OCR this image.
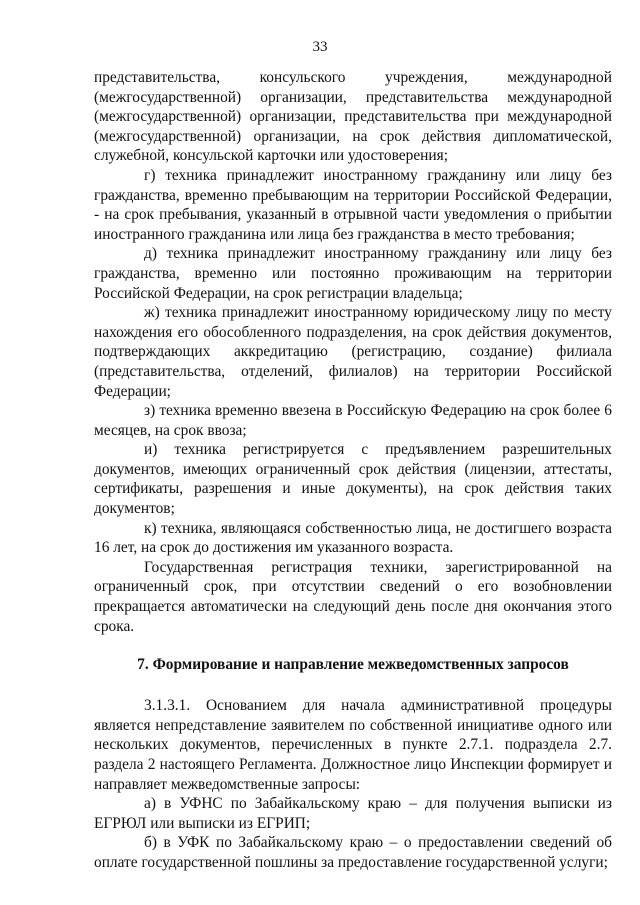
33

представительства, консульского учреждения, международной (межгосударственной) организации, представительства международной (межгосударственной) организации, представительства при международной (межгосударственной) организации, на срок действия дипломатической, служебной, консульской карточки или удостоверения;

г) техника принадлежит иностранному гражданину или лицу без гражданства, временно пребывающим на территории Российской Федерации, - на срок пребывания, указанный в отрывной части уведомления о прибытии иностранного гражданина или лица без гражданства в место требования;

д) техника принадлежит иностранному гражданину или лицу без гражданства, временно или постоянно проживающим на территории Российской Федерации, на срок регистрации владельца;

ж) техника принадлежит иностранному юридическому лицу по месту нахождения его обособленного подразделения, на срок действия документов, подтверждающих аккредитацию (регистрацию, создание) филиала (представительства, отделений, филиалов) на территории Российской Федерации;

з) техника временно ввезена в Российскую Федерацию на срок более 6 месяцев, на срок ввоза;

и) техника регистрируется с предъявлением разрешительных документов, имеющих ограниченный срок действия (лицензии, аттестаты, сертификаты, разрешения и иные документы), на срок действия таких документов;

к) техника, являющаяся собственностью лица, не достигшего возраста 16 лет, на срок до достижения им указанного возраста.

Государственная регистрация техники, зарегистрированной на ограниченный срок, при отсутствии сведений о его возобновлении прекращается автоматически на следующий день после дня окончания этого срока.

7. Формирование и направление межведомственных запросов

3.1.3.1. Основанием для начала административной процедуры является непредставление заявителем по собственной инициативе одного или нескольких документов, перечисленных в пункте 2.7.1. подраздела 2.7. раздела 2 настоящего Регламента. Должностное лицо Инспекции формирует и направляет межведомственные запросы:

а) в УФНС по Забайкальскому краю – для получения выписки из ЕГРЮЛ или выписки из ЕГРИП;

б) в УФК по Забайкальскому краю – о предоставлении сведений об оплате государственной пошлины за предоставление государственной услуги;
